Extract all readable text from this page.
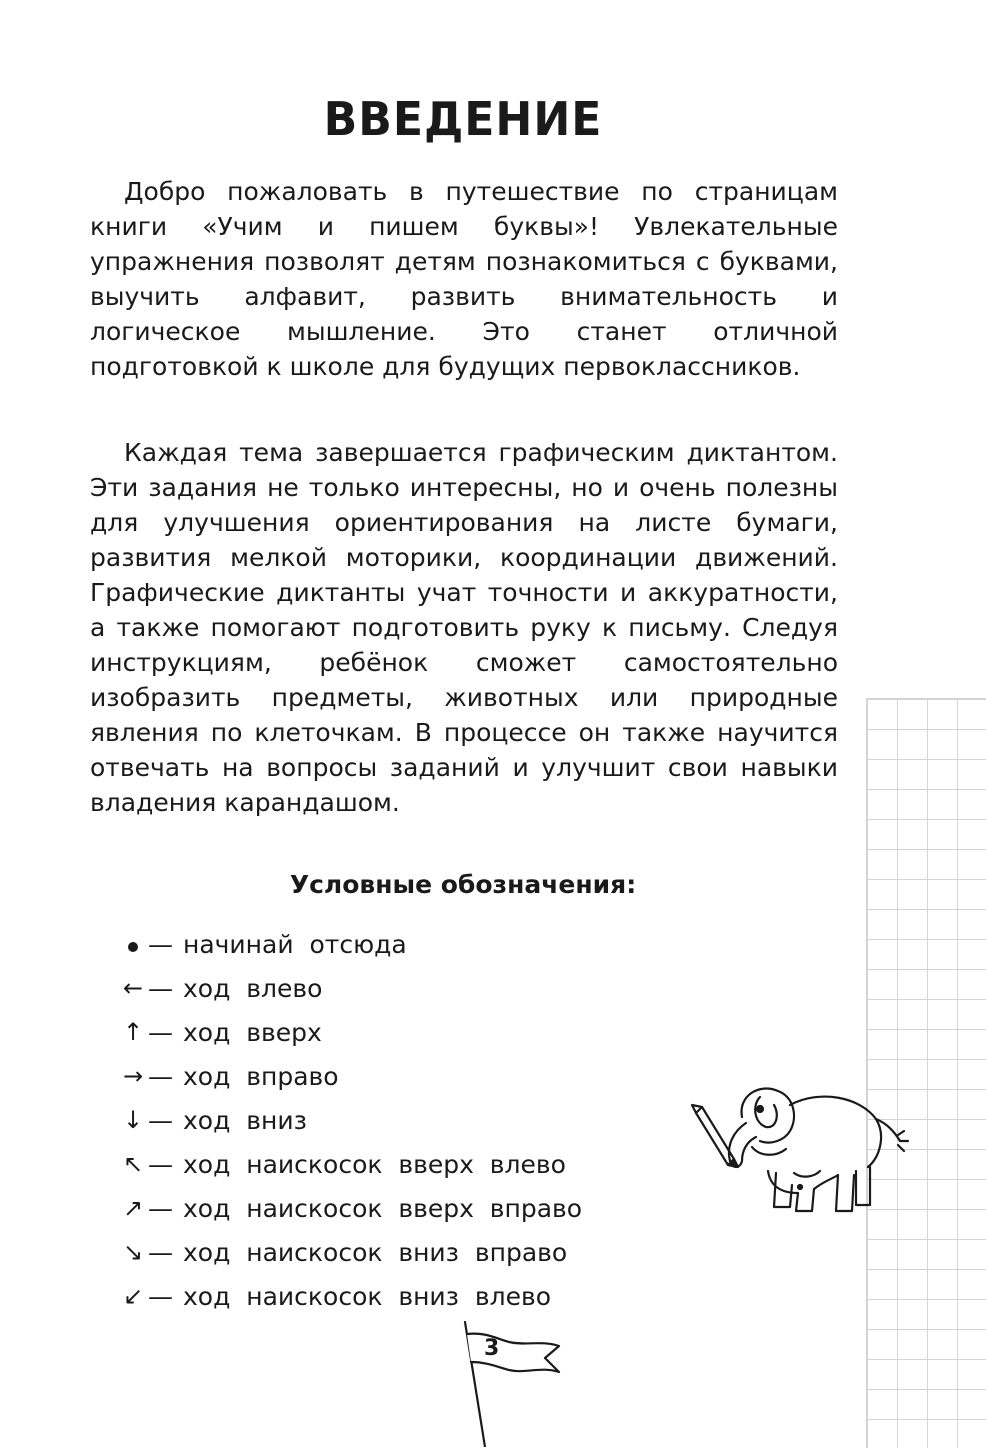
ВВЕДЕНИЕ

Добро пожаловать в путешествие по страницам книги «Учим и пишем буквы»! Увлекательные упражнения позволят детям познакомиться с буквами, выучить алфавит, развить внимательность и логическое мышление. Это станет отличной подготовкой к школе для будущих первоклассников.

Каждая тема завершается графическим диктантом. Эти задания не только интересны, но и очень полезны для улучшения ориентирования на листе бумаги, развития мелкой моторики, координации движений. Графические диктанты учат точности и аккуратности, а также помогают подготовить руку к письму. Следуя инструкциям, ребёнок сможет самостоятельно изобразить предметы, животных или природные явления по клеточкам. В процессе он также научится отвечать на вопросы заданий и улучшит свои навыки владения карандашом.

Условные обозначения:
— начинай  отсюда
← — ход  влево
↑ — ход  вверх
→ — ход  вправо
↓ — ход  вниз
↖ — ход  наискосок  вверх  влево
↗ — ход  наискосок  вверх  вправо
↘ — ход  наискосок  вниз  вправо
↙ — ход  наискосок  вниз  влево
3
